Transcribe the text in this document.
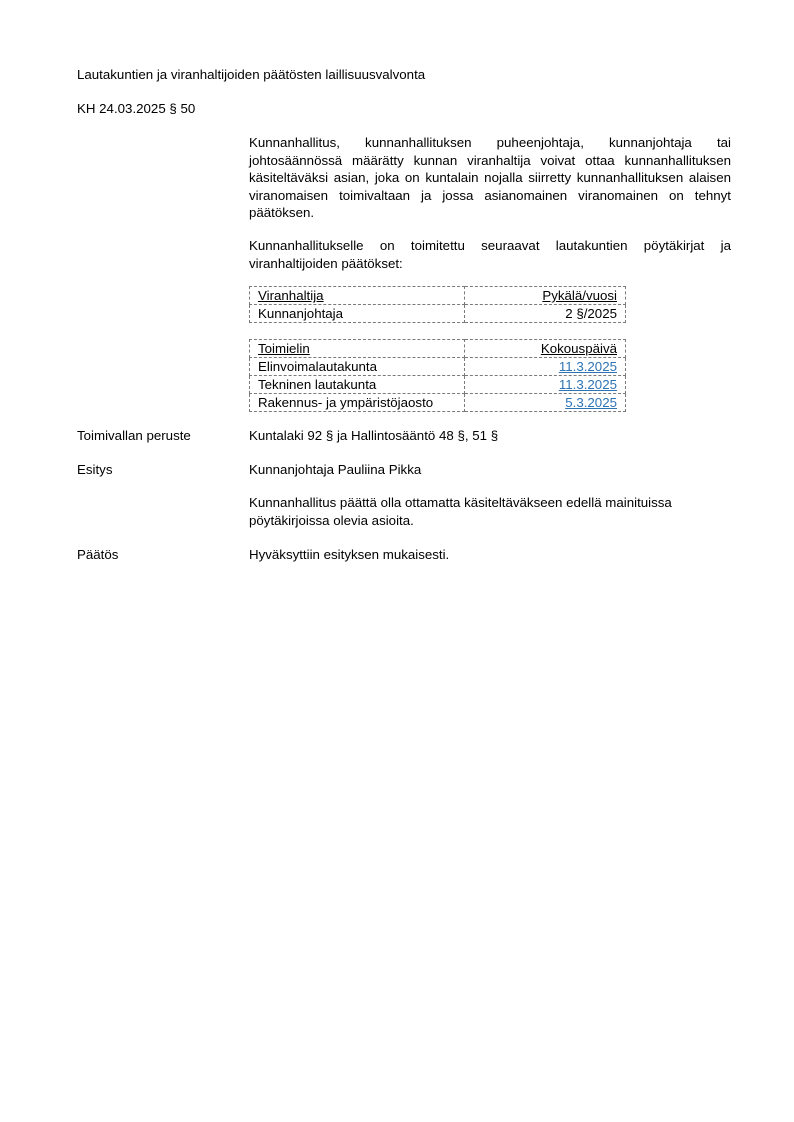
Lautakuntien ja viranhaltijoiden päätösten laillisuusvalvonta
KH 24.03.2025 § 50
Kunnanhallitus, kunnanhallituksen puheenjohtaja, kunnanjohtaja tai johtosäännössä määrätty kunnan viranhaltija voivat ottaa kunnanhallituksen käsiteltäväksi asian, joka on kuntalain nojalla siirretty kunnanhallituksen alaisen viranomaisen toimivaltaan ja jossa asianomainen viranomainen on tehnyt päätöksen.
Kunnanhallitukselle on toimitettu seuraavat lautakuntien pöytäkirjat ja viranhaltijoiden päätökset:
Viranhaltija	Pykälä/vuosi
Kunnanjohtaja	2 §/2025
Toimielin	Kokouspäivä
Elinvoimalautakunta	11.3.2025
Tekninen lautakunta	11.3.2025
Rakennus- ja ympäristöjaosto	5.3.2025
Toimivallan peruste	Kuntalaki 92 § ja Hallintosääntö 48 §, 51 §
Esitys	Kunnanjohtaja Pauliina Pikka
Kunnanhallitus päättä olla ottamatta käsiteltäväkseen edellä mainituissa pöytäkirjoissa olevia asioita.
Päätös	Hyväksyttiin esityksen mukaisesti.
